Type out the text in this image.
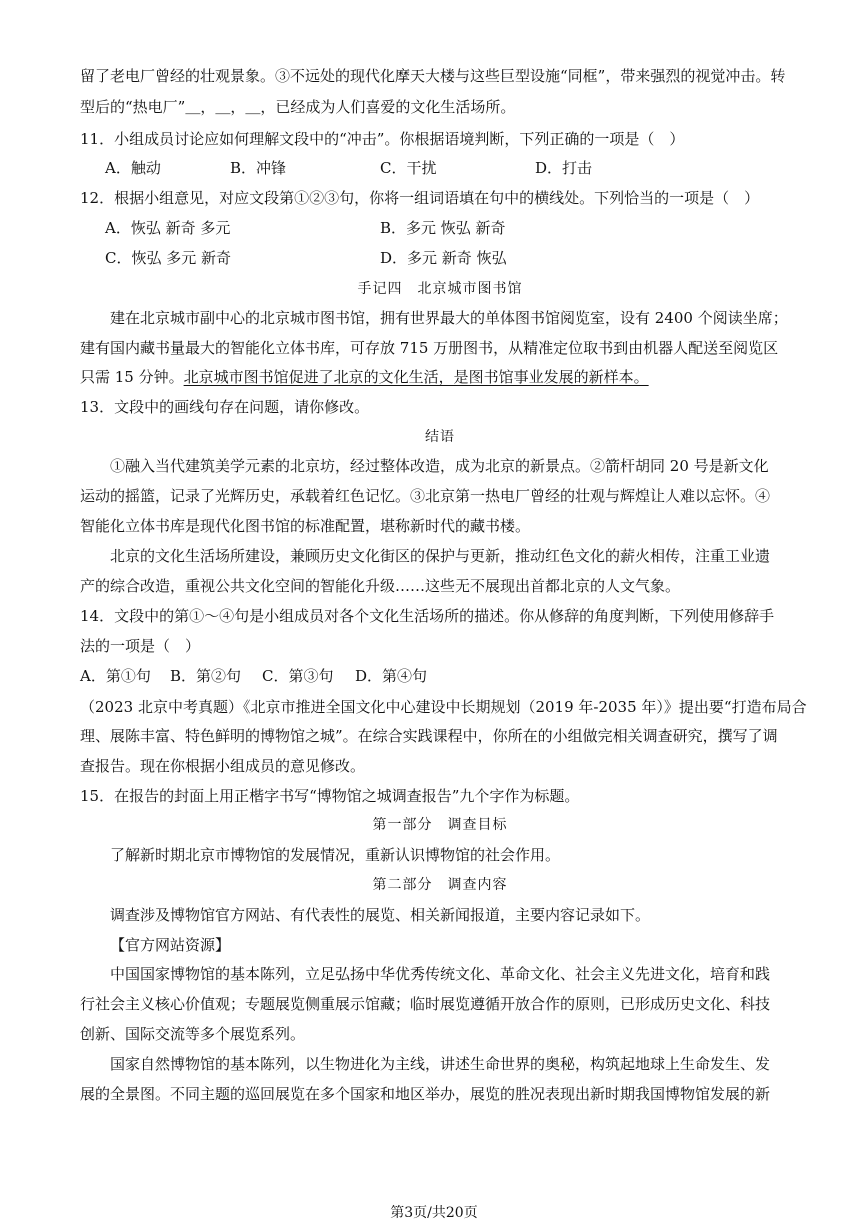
留了老电厂曾经的壮观景象。③不远处的现代化摩天大楼与这些巨型设施“同框”，带来强烈的视觉冲击。转
型后的“热电厂”＿，＿，＿，已经成为人们喜爱的文化生活场所。
11．小组成员讨论应如何理解文段中的“冲击”。你根据语境判断，下列正确的一项是（　）
A．触动	B．冲锋	C．干扰	D．打击
12．根据小组意见，对应文段第①②③句，你将一组词语填在句中的横线处。下列恰当的一项是（　）
A．恢弘 新奇 多元	B．多元 恢弘 新奇
C．恢弘 多元 新奇	D．多元 新奇 恢弘
手记四　北京城市图书馆
建在北京城市副中心的北京城市图书馆，拥有世界最大的单体图书馆阅览室，设有 2400 个阅读坐席；
建有国内藏书量最大的智能化立体书库，可存放 715 万册图书，从精准定位取书到由机器人配送至阅览区
只需 15 分钟。北京城市图书馆促进了北京的文化生活，是图书馆事业发展的新样本。
13．文段中的画线句存在问题，请你修改。
结语
①融入当代建筑美学元素的北京坊，经过整体改造，成为北京的新景点。②箭杆胡同 20 号是新文化
运动的摇篮，记录了光辉历史，承载着红色记忆。③北京第一热电厂曾经的壮观与辉煌让人难以忘怀。④
智能化立体书库是现代化图书馆的标准配置，堪称新时代的藏书楼。
北京的文化生活场所建设，兼顾历史文化街区的保护与更新，推动红色文化的薪火相传，注重工业遗
产的综合改造，重视公共文化空间的智能化升级……这些无不展现出首都北京的人文气象。
14．文段中的第①～④句是小组成员对各个文化生活场所的描述。你从修辞的角度判断，下列使用修辞手
法的一项是（　）
A．第①句 B．第②句 C．第③句 D．第④句
（2023 北京中考真题）《北京市推进全国文化中心建设中长期规划（2019 年-2035 年）》提出要“打造布局合
理、展陈丰富、特色鲜明的博物馆之城”。在综合实践课程中，你所在的小组做完相关调查研究，撰写了调
查报告。现在你根据小组成员的意见修改。
15．在报告的封面上用正楷字书写“博物馆之城调查报告”九个字作为标题。
第一部分　调查目标
了解新时期北京市博物馆的发展情况，重新认识博物馆的社会作用。
第二部分　调查内容
调查涉及博物馆官方网站、有代表性的展览、相关新闻报道，主要内容记录如下。
【官方网站资源】
中国国家博物馆的基本陈列，立足弘扬中华优秀传统文化、革命文化、社会主义先进文化，培育和践
行社会主义核心价值观；专题展览侧重展示馆藏；临时展览遵循开放合作的原则，已形成历史文化、科技
创新、国际交流等多个展览系列。
国家自然博物馆的基本陈列，以生物进化为主线，讲述生命世界的奥秘，构筑起地球上生命发生、发
展的全景图。不同主题的巡回展览在多个国家和地区举办，展览的胜况表现出新时期我国博物馆发展的新
第3页/共20页
